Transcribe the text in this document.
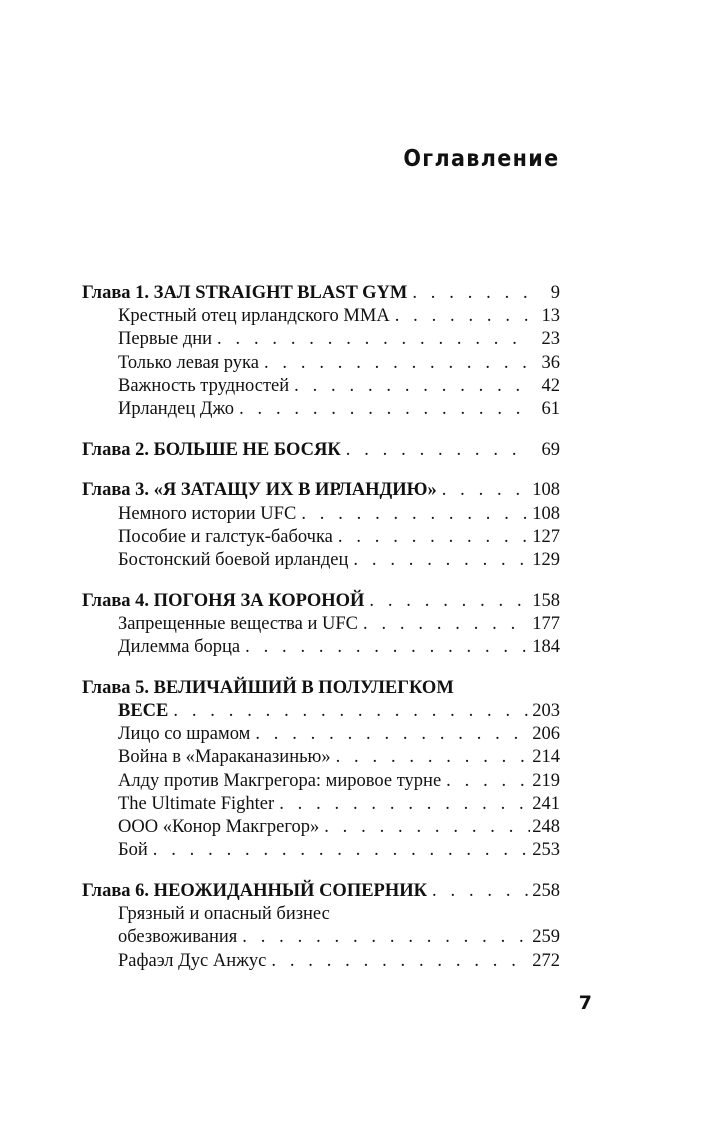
Оглавление
Глава 1. ЗАЛ STRAIGHT BLAST GYM . . .	9
Крестный отец ирландского ММА . . .	13
Первые дни . . .	23
Только левая рука . . .	36
Важность трудностей . . .	42
Ирландец Джо . . .	61
Глава 2. БОЛЬШЕ НЕ БОСЯК . . .	69
Глава 3. «Я ЗАТАЩУ ИХ В ИРЛАНДИЮ» . . .	108
Немного истории UFC . . .	108
Пособие и галстук-бабочка . . .	127
Бостонский боевой ирландец . . .	129
Глава 4. ПОГОНЯ ЗА КОРОНОЙ . . .	158
Запрещенные вещества и UFC . . .	177
Дилемма борца . . .	184
Глава 5. ВЕЛИЧАЙШИЙ В ПОЛУЛЕГКОМ
ВЕСЕ . . .	203
Лицо со шрамом . . .	206
Война в «Мараканазинью» . . .	214
Алду против Макгрегора: мировое турне . . .	219
The Ultimate Fighter . . .	241
ООО «Конор Макгрегор» . . .	248
Бой . . .	253
Глава 6. НЕОЖИДАННЫЙ СОПЕРНИК . . .	258
Грязный и опасный бизнес
обезвоживания . . .	259
Рафаэл Дус Анжус . . .	272
7
